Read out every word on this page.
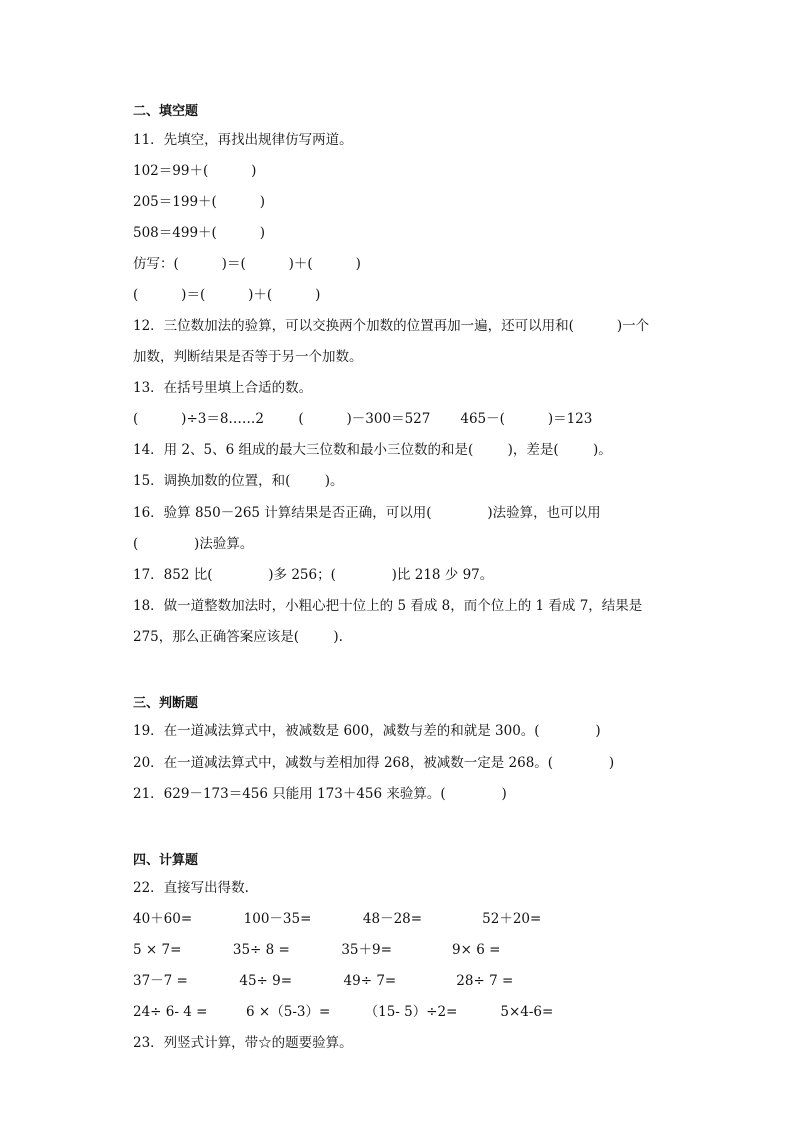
二、填空题
11．先填空，再找出规律仿写两道。
102＝99＋(          )
205＝199＋(          )
508＝499＋(          )
仿写：(          )＝(          )＋(          )
(          )＝(          )＋(          )
12．三位数加法的验算，可以交换两个加数的位置再加一遍，还可以用和(          )一个
加数，判断结果是否等于另一个加数。
13．在括号里填上合适的数。
(          )÷3＝8……2        (          )－300＝527       465－(          )＝123
14．用 2、5、6 组成的最大三位数和最小三位数的和是(        )，差是(        )。
15．调换加数的位置，和(        )。
16．验算 850－265 计算结果是否正确，可以用(             )法验算，也可以用
(             )法验算。
17．852 比(             )多 256；(             )比 218 少 97。
18．做一道整数加法时，小粗心把十位上的 5 看成 8，而个位上的 1 看成 7，结果是
275，那么正确答案应该是(        ).
三、判断题
19．在一道减法算式中，被减数是 600，减数与差的和就是 300。(             )
20．在一道减法算式中，减数与差相加得 268，被减数一定是 268。(             )
21．629－173＝456 只能用 173＋456 来验算。(             )
四、计算题
22．直接写出得数.
40＋60=            100－35=            48－28=              52＋20=
5 × 7=            35÷ 8 =            35＋9=              9× 6 =
37－7 =            45÷ 9=            49÷ 7=              28÷ 7 =
24÷ 6- 4 =         6 ×（5-3）=        （15- 5）÷2=          5×4-6=
23．列竖式计算，带☆的题要验算。
